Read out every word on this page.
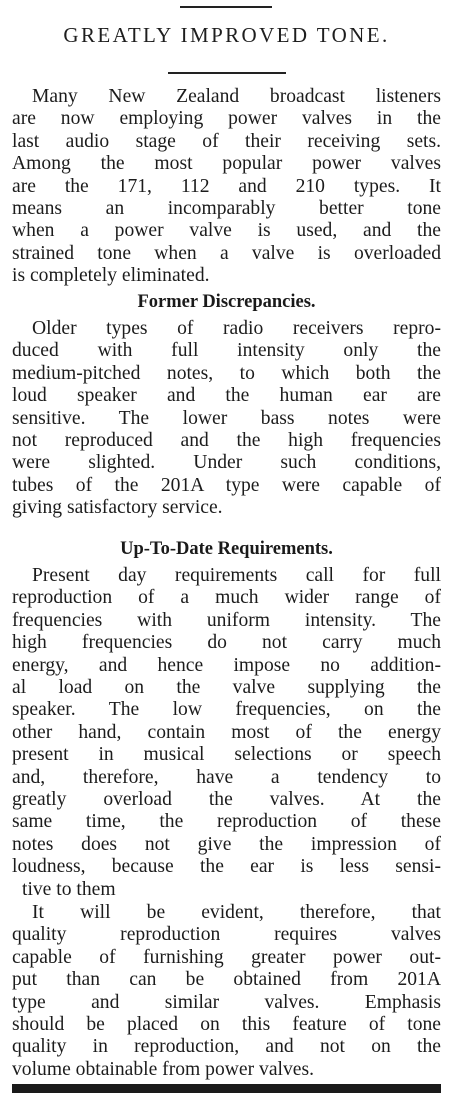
GREATLY IMPROVED TONE.
Many New Zealand broadcast listeners
are now employing power valves in the
last audio stage of their receiving sets.
Among the most popular power valves
are the 171, 112 and 210 types. It
means an incomparably better tone
when a power valve is used, and the
strained tone when a valve is overloaded
is completely eliminated.
Former Discrepancies.
Older types of radio receivers repro-
duced with full intensity only the
medium-pitched notes, to which both the
loud speaker and the human ear are
sensitive. The lower bass notes were
not reproduced and the high frequencies
were slighted. Under such conditions,
tubes of the 201A type were capable of
giving satisfactory service.
Up-To-Date Requirements.
Present day requirements call for full
reproduction of a much wider range of
frequencies with uniform intensity. The
high frequencies do not carry much
energy, and hence impose no addition-
al load on the valve supplying the
speaker. The low frequencies, on the
other hand, contain most of the energy
present in musical selections or speech
and, therefore, have a tendency to
greatly overload the valves. At the
same time, the reproduction of these
notes does not give the impression of
loudness, because the ear is less sensi-
tive to them
It will be evident, therefore, that
quality reproduction requires valves
capable of furnishing greater power out-
put than can be obtained from 201A
type and similar valves. Emphasis
should be placed on this feature of tone
quality in reproduction, and not on the
volume obtainable from power valves.
